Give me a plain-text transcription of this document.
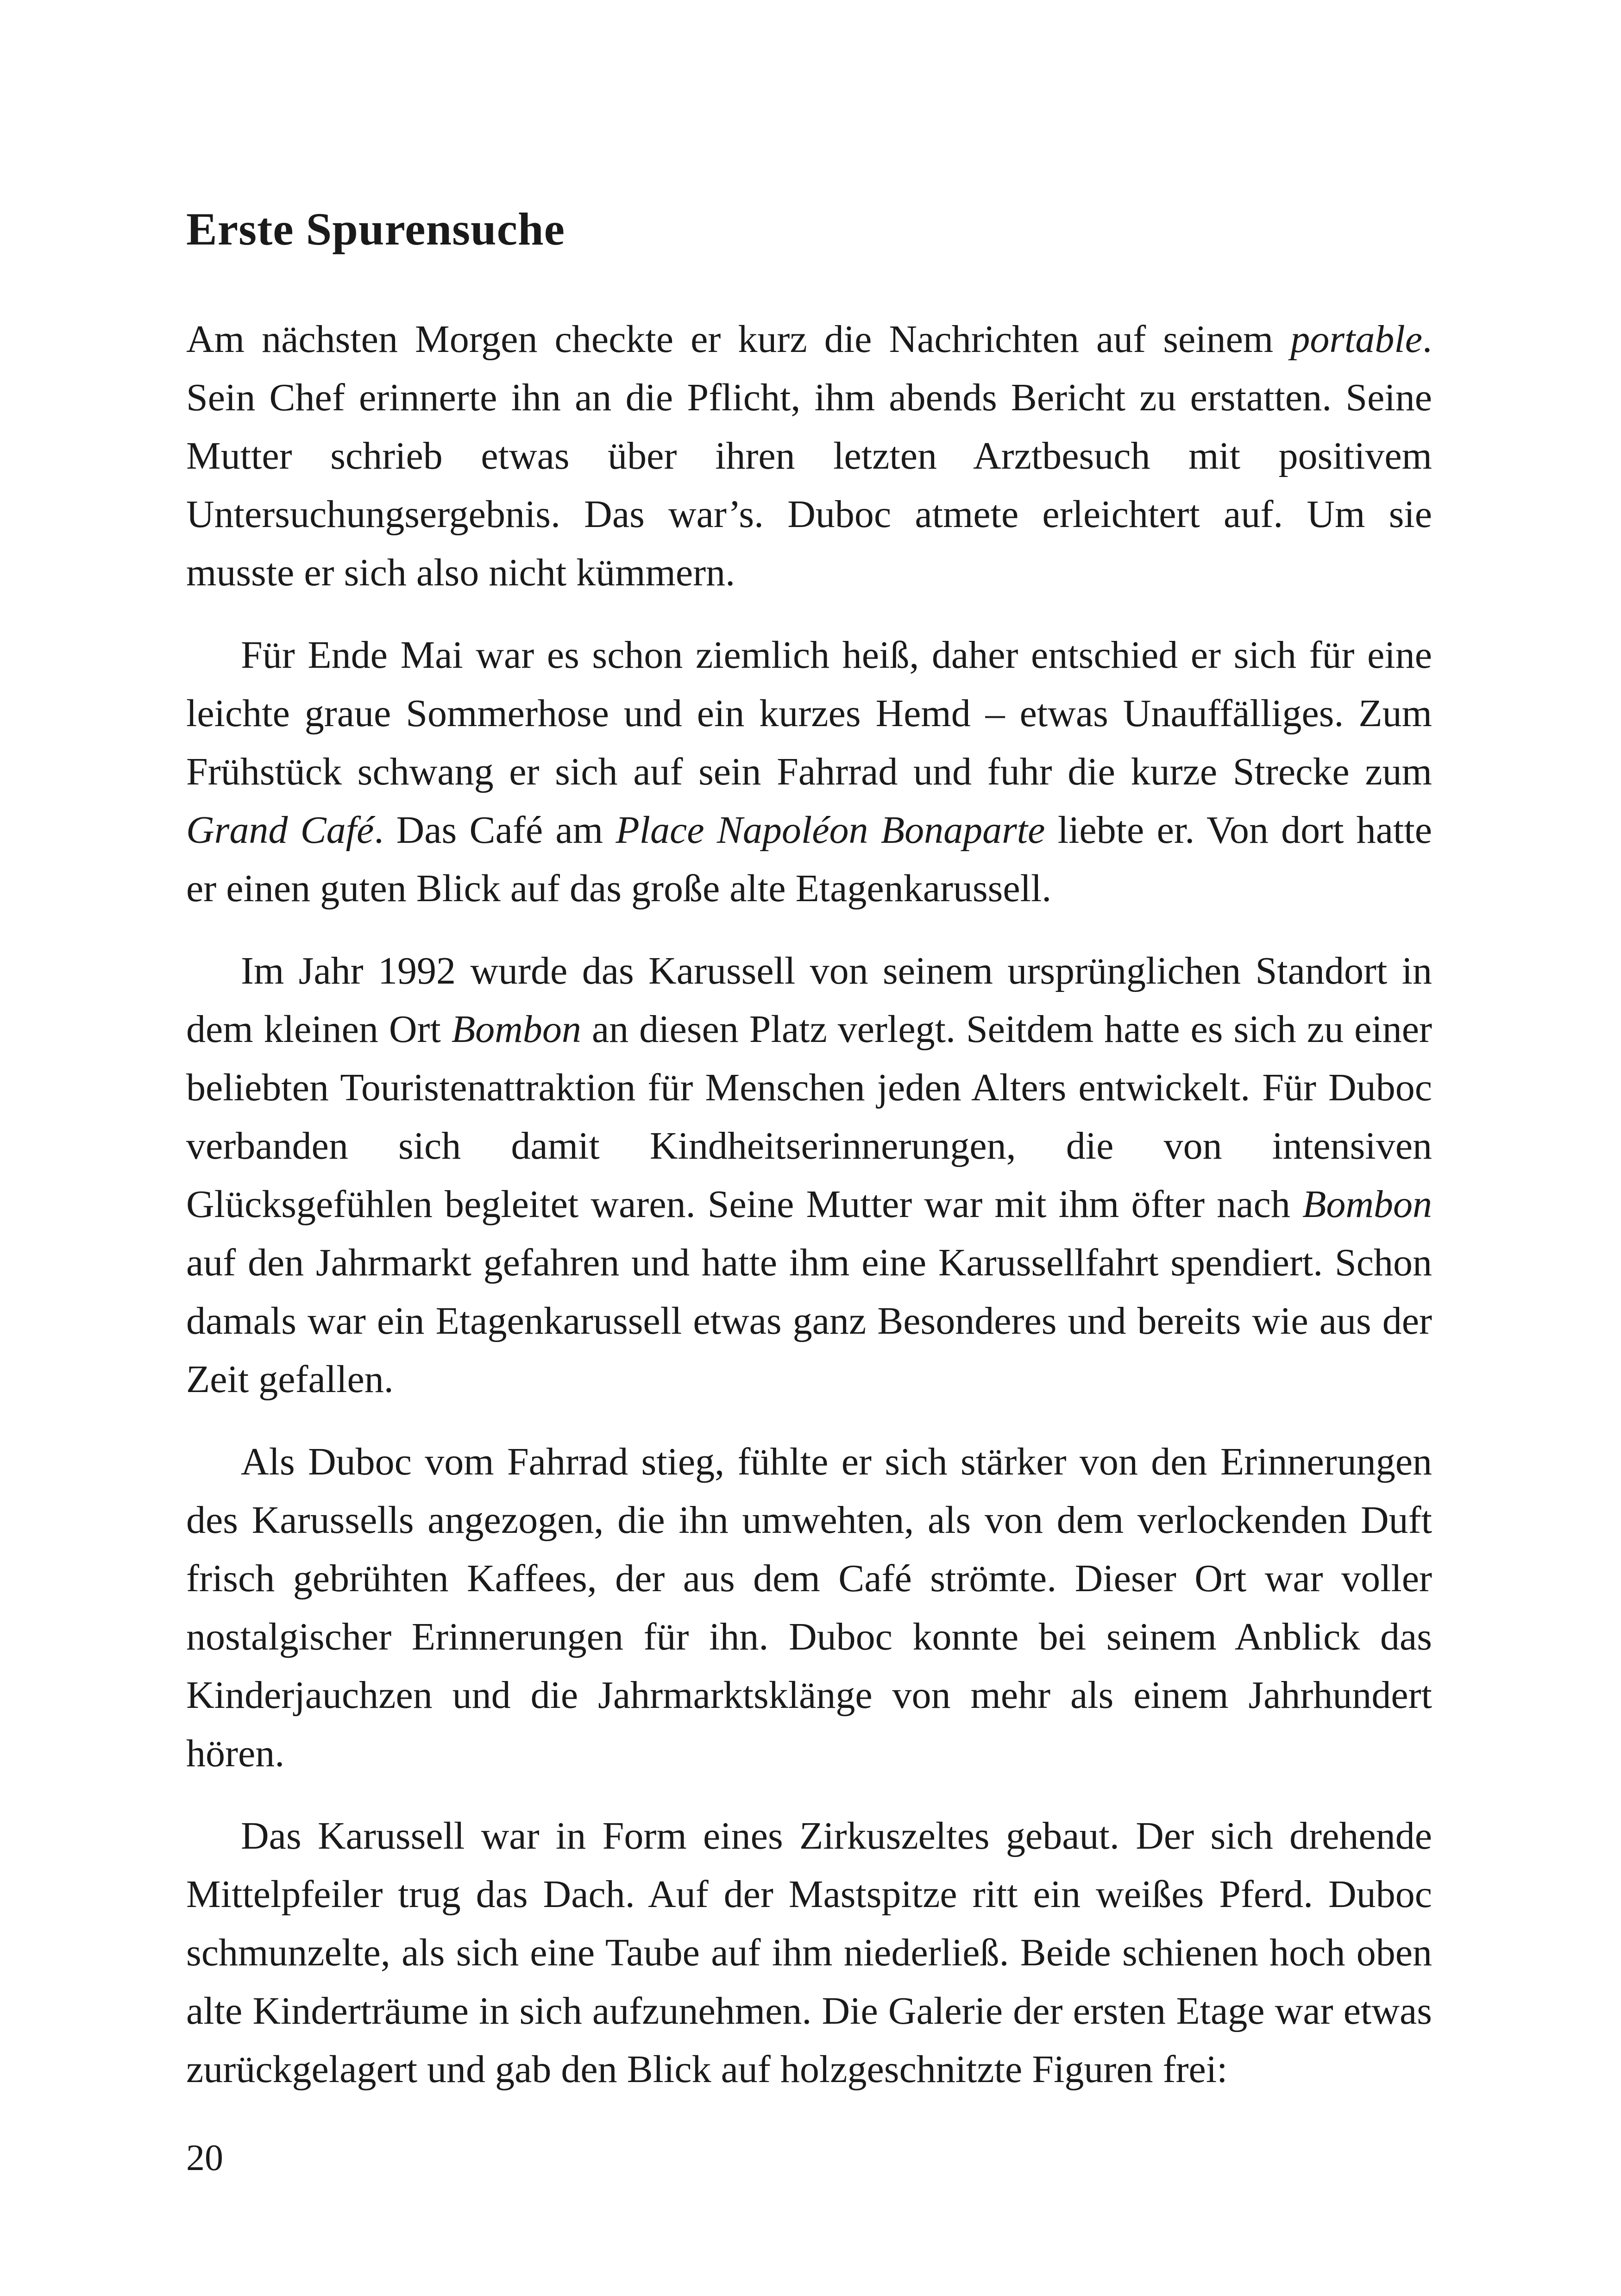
Erste Spurensuche

Am nächsten Morgen checkte er kurz die Nachrichten auf seinem portable. Sein Chef erinnerte ihn an die Pflicht, ihm abends Bericht zu erstatten. Seine Mutter schrieb etwas über ihren letzten Arztbesuch mit positivem Untersuchungsergebnis. Das war’s. Duboc atmete erleichtert auf. Um sie musste er sich also nicht kümmern.

Für Ende Mai war es schon ziemlich heiß, daher entschied er sich für eine leichte graue Sommerhose und ein kurzes Hemd – etwas Unauffälliges. Zum Frühstück schwang er sich auf sein Fahrrad und fuhr die kurze Strecke zum Grand Café. Das Café am Place Napoléon Bonaparte liebte er. Von dort hatte er einen guten Blick auf das große alte Etagenkarussell.

Im Jahr 1992 wurde das Karussell von seinem ursprünglichen Standort in dem kleinen Ort Bombon an diesen Platz verlegt. Seitdem hatte es sich zu einer beliebten Touristenattraktion für Menschen jeden Alters entwickelt. Für Duboc verbanden sich damit Kindheitserinnerungen, die von intensiven Glücksgefühlen begleitet waren. Seine Mutter war mit ihm öfter nach Bombon auf den Jahrmarkt gefahren und hatte ihm eine Karussellfahrt spendiert. Schon damals war ein Etagenkarussell etwas ganz Besonderes und bereits wie aus der Zeit gefallen.

Als Duboc vom Fahrrad stieg, fühlte er sich stärker von den Erinnerungen des Karussells angezogen, die ihn umwehten, als von dem verlockenden Duft frisch gebrühten Kaffees, der aus dem Café strömte. Dieser Ort war voller nostalgischer Erinnerungen für ihn. Duboc konnte bei seinem Anblick das Kinderjauchzen und die Jahrmarktsklänge von mehr als einem Jahrhundert hören.

Das Karussell war in Form eines Zirkuszeltes gebaut. Der sich drehende Mittelpfeiler trug das Dach. Auf der Mastspitze ritt ein weißes Pferd. Duboc schmunzelte, als sich eine Taube auf ihm niederließ. Beide schienen hoch oben alte Kinderträume in sich aufzunehmen. Die Galerie der ersten Etage war etwas zurückgelagert und gab den Blick auf holzgeschnitzte Figuren frei:

20
